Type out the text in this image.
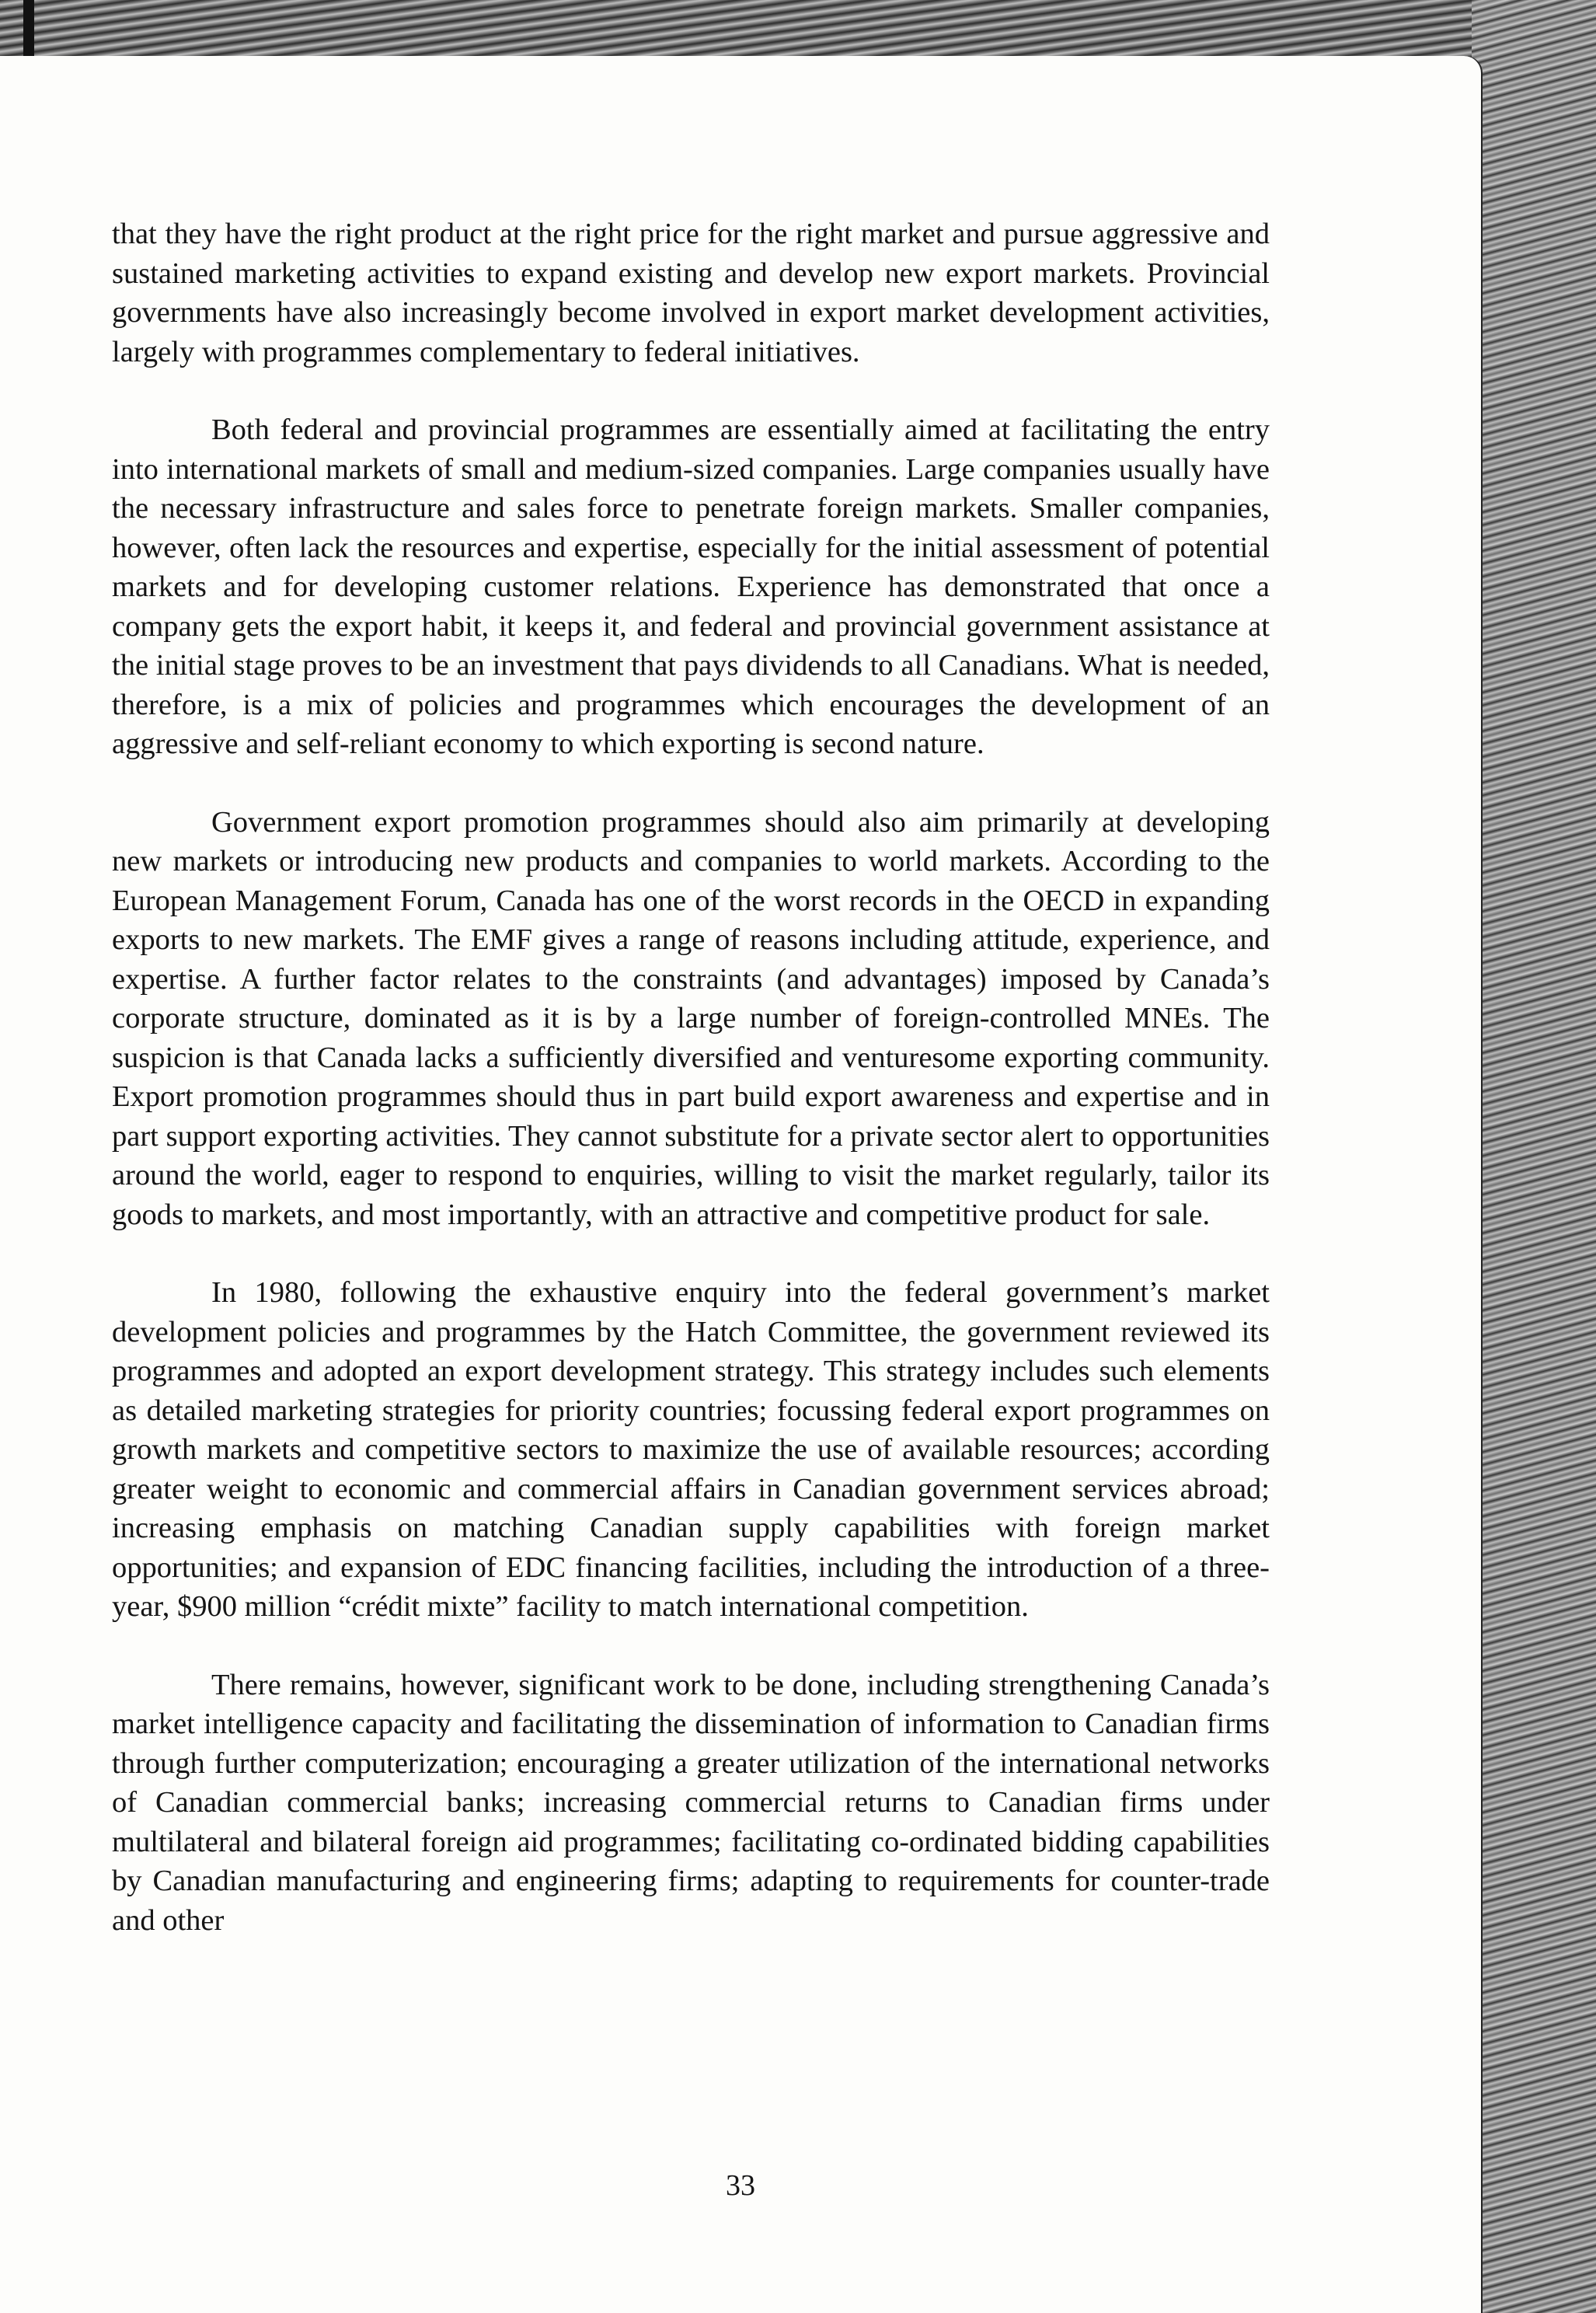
that they have the right product at the right price for the right market and pursue aggressive and sustained marketing activities to expand existing and develop new export markets. Provincial governments have also increasingly become involved in export market development activities, largely with programmes complementary to federal initiatives.

Both federal and provincial programmes are essentially aimed at facilitating the entry into international markets of small and medium-sized companies. Large companies usually have the necessary infrastructure and sales force to penetrate foreign markets. Smaller companies, however, often lack the resources and expertise, especially for the initial assessment of potential markets and for developing customer relations. Experience has demonstrated that once a company gets the export habit, it keeps it, and federal and provincial government assistance at the initial stage proves to be an investment that pays dividends to all Canadians. What is needed, therefore, is a mix of policies and programmes which encourages the development of an aggressive and self-reliant economy to which exporting is second nature.

Government export promotion programmes should also aim primarily at developing new markets or introducing new products and companies to world markets. According to the European Management Forum, Canada has one of the worst records in the OECD in expanding exports to new markets. The EMF gives a range of reasons including attitude, experience, and expertise. A further factor relates to the constraints (and advantages) imposed by Canada’s corporate structure, dominated as it is by a large number of foreign-controlled MNEs. The suspicion is that Canada lacks a sufficiently diversified and venturesome exporting community. Export promotion programmes should thus in part build export awareness and expertise and in part support exporting activities. They cannot substitute for a private sector alert to opportunities around the world, eager to respond to enquiries, willing to visit the market regularly, tailor its goods to markets, and most importantly, with an attractive and competitive product for sale.

In 1980, following the exhaustive enquiry into the federal government’s market development policies and programmes by the Hatch Committee, the government reviewed its programmes and adopted an export development strategy. This strategy includes such elements as detailed marketing strategies for priority countries; focussing federal export programmes on growth markets and competitive sectors to maximize the use of available resources; according greater weight to economic and commercial affairs in Canadian government services abroad; increasing emphasis on matching Canadian supply capabilities with foreign market opportunities; and expansion of EDC financing facilities, including the introduction of a three-year, $900 million “crédit mixte” facility to match international competition.

There remains, however, significant work to be done, including strengthening Canada’s market intelligence capacity and facilitating the dissemination of information to Canadian firms through further computerization; encouraging a greater utilization of the international networks of Canadian commercial banks; increasing commercial returns to Canadian firms under multilateral and bilateral foreign aid programmes; facilitating co-ordinated bidding capabilities by Canadian manufacturing and engineering firms; adapting to requirements for counter-trade and other

33
